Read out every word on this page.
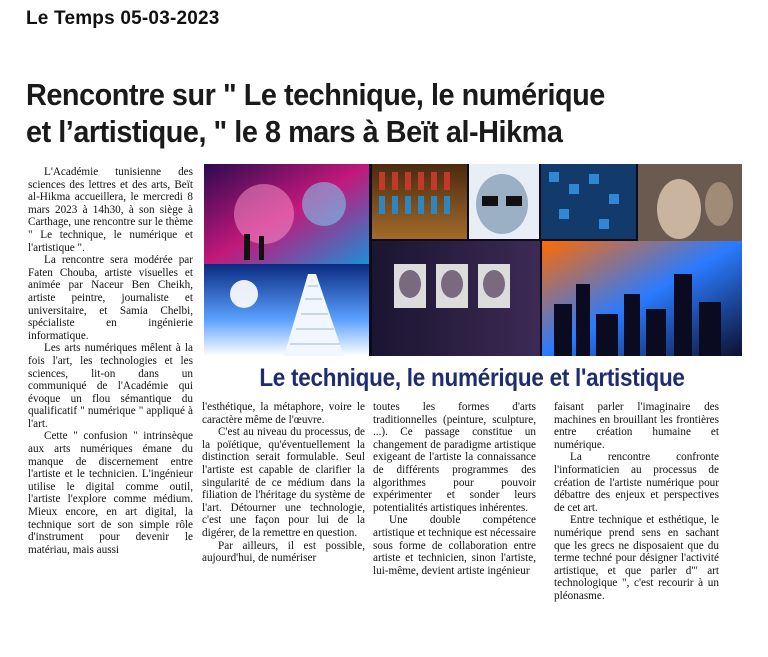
Le Temps 05-03-2023
Rencontre sur " Le technique, le numérique
et l’artistique, " le 8 mars à Beït al-Hikma

L'Académie tunisienne des sciences des lettres et des arts, Beït al-Hikma accueillera, le mercredi 8 mars 2023 à 14h30, à son siège à Carthage, une rencontre sur le thème " Le technique, le numérique et l'artistique ".

La rencontre sera modérée par Faten Chouba, artiste visuelles et animée par Naceur Ben Cheikh, artiste peintre, journaliste et universitaire, et Samia Chelbi, spécialiste en ingénierie informatique.

Les arts numériques mêlent à la fois l'art, les technologies et les sciences, lit-on dans un communiqué de l'Académie qui évoque un flou sémantique du qualificatif " numérique " appliqué à l'art.

Cette " confusion " intrinsèque aux arts numériques émane du manque de discernement entre l'artiste et le technicien. L'ingénieur utilise le digital comme outil, l'artiste l'explore comme médium. Mieux encore, en art digital, la technique sort de son simple rôle d'instrument pour devenir le matériau, mais aussi

Le technique, le numérique et l'artistique

l'esthétique, la métaphore, voire le caractère même de l'œuvre.

C'est au niveau du processus, de la poïétique, qu'éventuellement la distinction serait formulable. Seul l'artiste est capable de clarifier la singularité de ce médium dans la filiation de l'héritage du système de l'art. Détourner une technologie, c'est une façon pour lui de la digérer, de la remettre en question.

Par ailleurs, il est possible, aujourd'hui, de numériser

toutes les formes d'arts traditionnelles (peinture, sculpture, ...). Ce passage constitue un changement de paradigme artistique exigeant de l'artiste la connaissance de différents programmes des algorithmes pour pouvoir expérimenter et sonder leurs potentialités artistiques inhérentes.

Une double compétence artistique et technique est nécessaire sous forme de collaboration entre artiste et technicien, sinon l'artiste, lui-même, devient artiste ingénieur

faisant parler l'imaginaire des machines en brouillant les frontières entre création humaine et numérique.

La rencontre confronte l'informaticien au processus de création de l'artiste numérique pour débattre des enjeux et perspectives de cet art.

Entre technique et esthétique, le numérique prend sens en sachant que les grecs ne disposaient que du terme techné pour désigner l'activité artistique, et que parler d'" art technologique ", c'est recourir à un pléonasme.
